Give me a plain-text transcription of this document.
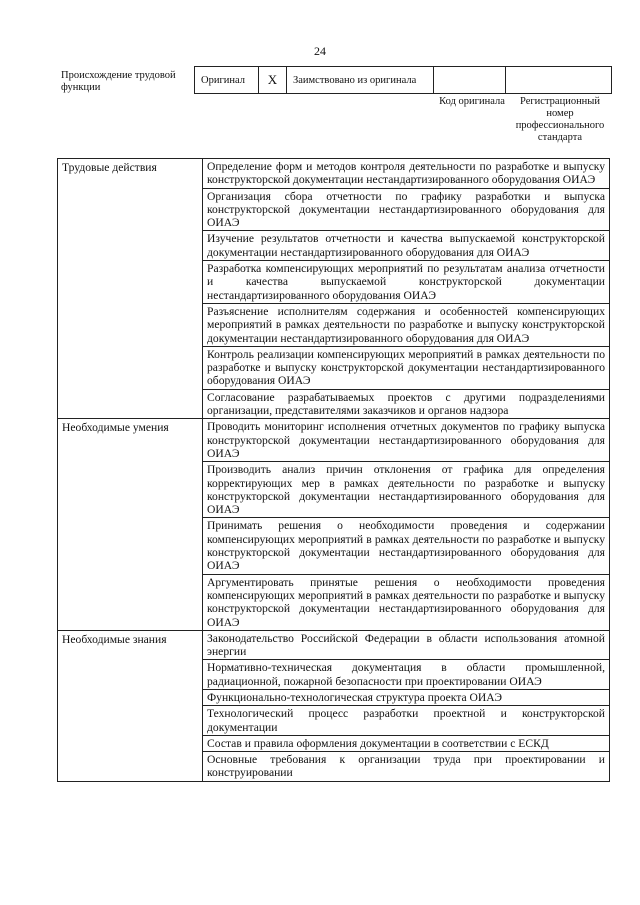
24
Происхождение трудовой функции
Оригинал	X	Заимствовано из оригинала
Код оригинала	Регистрационный номер профессионального стандарта
Трудовые действия	Определение форм и методов контроля деятельности по разработке и выпуску конструкторской документации нестандартизированного оборудования ОИАЭ
	Организация сбора отчетности по графику разработки и выпуска конструкторской документации нестандартизированного оборудования для ОИАЭ
	Изучение результатов отчетности и качества выпускаемой конструкторской документации нестандартизированного оборудования для ОИАЭ
	Разработка компенсирующих мероприятий по результатам анализа отчетности и качества выпускаемой конструкторской документации нестандартизированного оборудования ОИАЭ
	Разъяснение исполнителям содержания и особенностей компенсирующих мероприятий в рамках деятельности по разработке и выпуску конструкторской документации нестандартизированного оборудования для ОИАЭ
	Контроль реализации компенсирующих мероприятий в рамках деятельности по разработке и выпуску конструкторской документации нестандартизированного оборудования ОИАЭ
	Согласование разрабатываемых проектов с другими подразделениями организации, представителями заказчиков и органов надзора
Необходимые умения	Проводить мониторинг исполнения отчетных документов по графику выпуска конструкторской документации нестандартизированного оборудования для ОИАЭ
	Производить анализ причин отклонения от графика для определения корректирующих мер в рамках деятельности по разработке и выпуску конструкторской документации нестандартизированного оборудования для ОИАЭ
	Принимать решения о необходимости проведения и содержании компенсирующих мероприятий в рамках деятельности по разработке и выпуску конструкторской документации нестандартизированного оборудования для ОИАЭ
	Аргументировать принятые решения о необходимости проведения компенсирующих мероприятий в рамках деятельности по разработке и выпуску конструкторской документации нестандартизированного оборудования для ОИАЭ
Необходимые знания	Законодательство Российской Федерации в области использования атомной энергии
	Нормативно-техническая документация в области промышленной, радиационной, пожарной безопасности при проектировании ОИАЭ
	Функционально-технологическая структура проекта ОИАЭ
	Технологический процесс разработки проектной и конструкторской документации
	Состав и правила оформления документации в соответствии с ЕСКД
	Основные требования к организации труда при проектировании и конструировании
